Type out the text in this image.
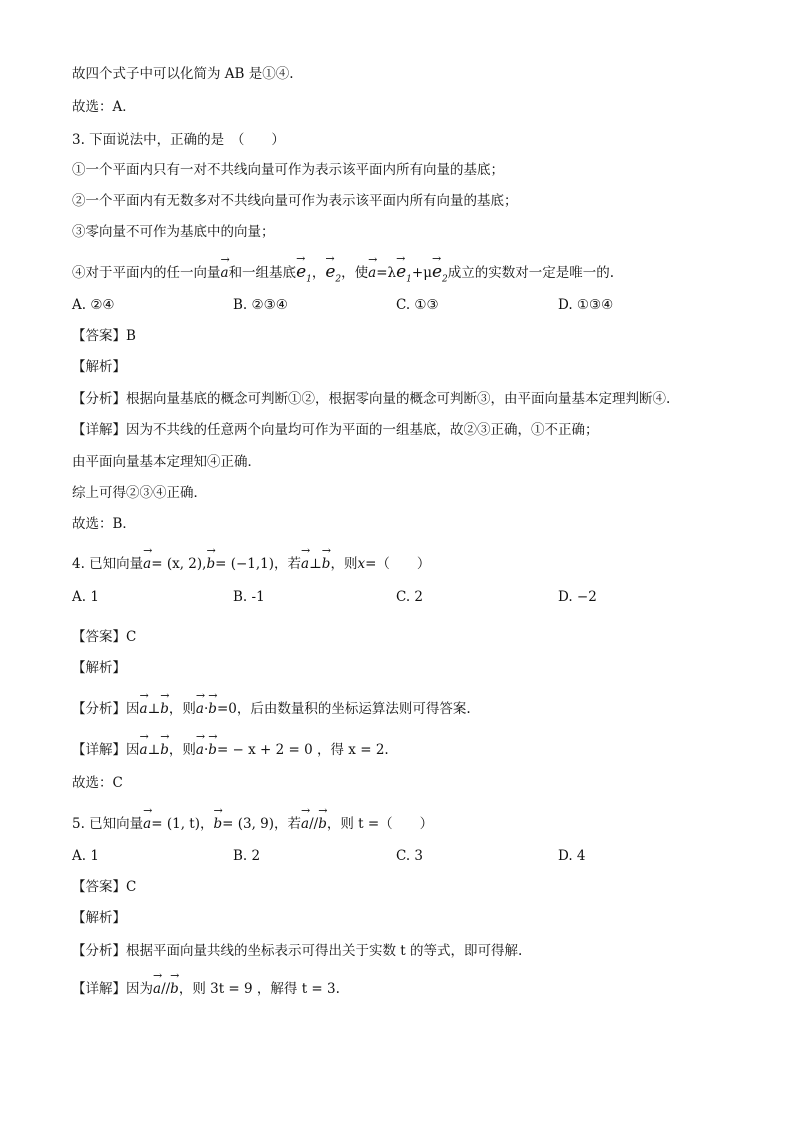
故四个式子中可以化简为 AB 是①④.
故选：A．
3. 下面说法中，正确的是　（　　）
①一个平面内只有一对不共线向量可作为表示该平面内所有向量的基底；
②一个平面内有无数多对不共线向量可作为表示该平面内所有向量的基底；
③零向量不可作为基底中的向量；
④对于平面内的任一向量→ a和一组基底→ $e_1$，→ $e_2$，使→ $a=\lambda\to e_1+\mu\to e_2$成立的实数对一定是唯一的.
A. ②④	B. ②③④	C. ①③	D. ①③④
【答案】B
【解析】
【分析】根据向量基底的概念可判断①②，根据零向量的概念可判断③，由平面向量基本定理判断④.
【详解】因为不共线的任意两个向量均可作为平面的一组基底，故②③正确，①不正确；
由平面向量基本定理知④正确．
综上可得②③④正确．
故选：B．
4. 已知向量→ a= (x, 2),→ b= (−1,1)，若→ a⊥→ b，则x=（　　）
A. 1	B. -1	C. 2	D. −2
【答案】C
【解析】
【分析】因→ a⊥→ b，则→ a·→ b=0，后由数量积的坐标运算法则可得答案.
【详解】因→ a⊥→ b，则→ a·→ b= − x + 2 = 0 ，得 x = 2.
故选：C
5. 已知向量→ a= (1, t)，→ b= (3, 9)，若→ a//→ b，则 t =（　　）
A. 1	B. 2	C. 3	D. 4
【答案】C
【解析】
【分析】根据平面向量共线的坐标表示可得出关于实数 t 的等式，即可得解.
【详解】因为→ a//→ b，则 3t = 9 ，解得 t = 3.
